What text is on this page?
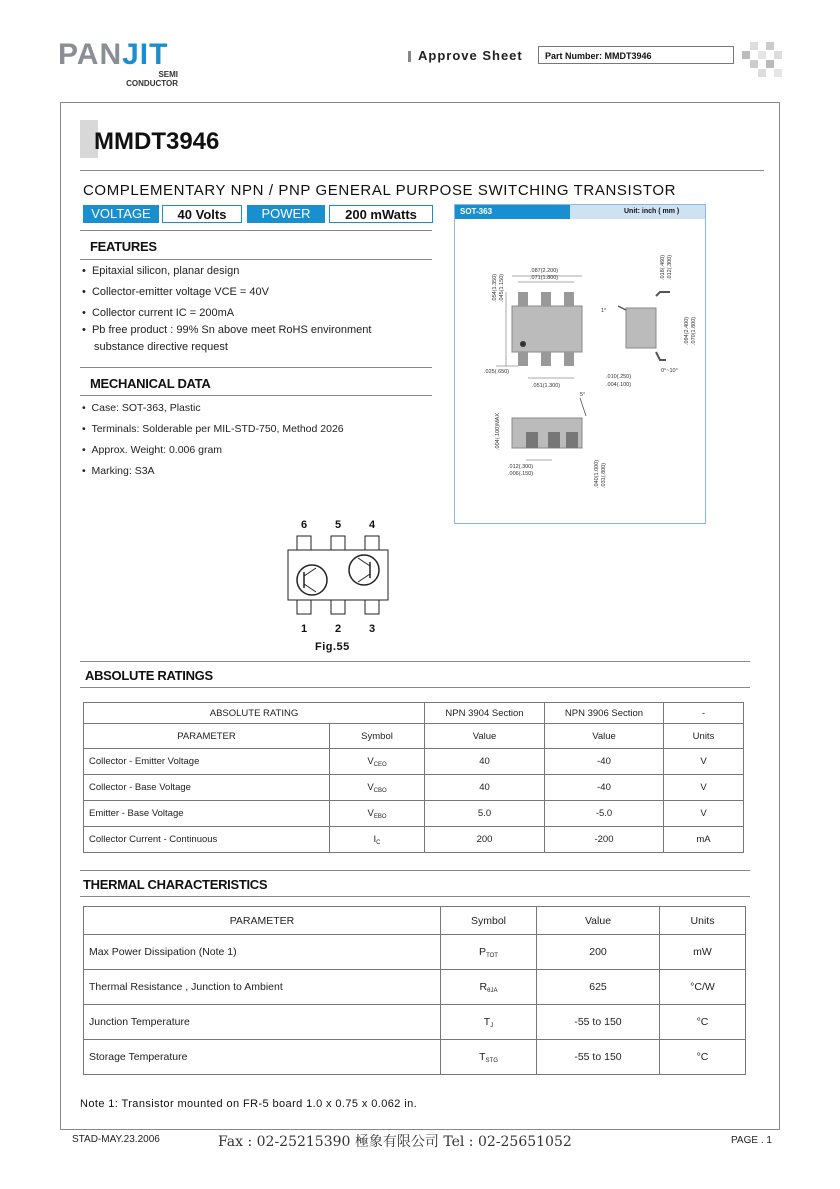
PANJIT
SEMI
CONDUCTOR
Approve Sheet	Part Number: MMDT3946
MMDT3946
COMPLEMENTARY NPN / PNP GENERAL PURPOSE SWITCHING TRANSISTOR
VOLTAGE	40 Volts	POWER	200 mWatts
FEATURES
•  Epitaxial silicon, planar design
•  Collector-emitter voltage VCE = 40V
•  Collector current IC = 200mA
•  Pb free product : 99% Sn above meet RoHS environment
substance directive request
MECHANICAL DATA
•  Case: SOT-363, Plastic
•  Terminals: Solderable per MIL-STD-750, Method 2026
•  Approx. Weight: 0.006 gram
•  Marking: S3A
SOT-363	Unit: inch ( mm )
.087(2.200)
.071(1.800)
.054(1.350) .045(1.150)
.025(.650)
.051(1.300)
1°
.018(.460) .012(.300)
.094(2.400) .070(1.800)
.010(.250)
.004(.100)
0°~10°
5°
.004(.100)MAX
.012(.300)
.006(.150)	.040(1.000) .031(.800)
6	5	4
1	2	3
Fig.55
ABSOLUTE RATINGS
ABSOLUTE RATING		NPN 3904 Section	NPN 3906 Section	-
PARAMETER	Symbol	Value	Value	Units
Collector - Emitter Voltage	$V_{CEO}$	40	-40	V
Collector - Base Voltage	$V_{CBO}$	40	-40	V
Emitter - Base Voltage	$V_{EBO}$	5.0	-5.0	V
Collector Current - Continuous	$I_C$	200	-200	mA
THERMAL CHARACTERISTICS
PARAMETER	Symbol	Value	Units
Max Power Dissipation (Note 1)	$P_{TOT}$	200	mW
Thermal Resistance , Junction to Ambient	$R_{\theta JA}$	625	°C/W
Junction Temperature	$T_J$	-55 to 150	°C
Storage Temperature	$T_{STG}$	-55 to 150	°C
Note 1: Transistor mounted on FR-5 board 1.0 x 0.75 x 0.062 in.
STAD-MAY.23.2006	Fax : 02-25215390 極象有限公司 Tel : 02-25651052	PAGE . 1
